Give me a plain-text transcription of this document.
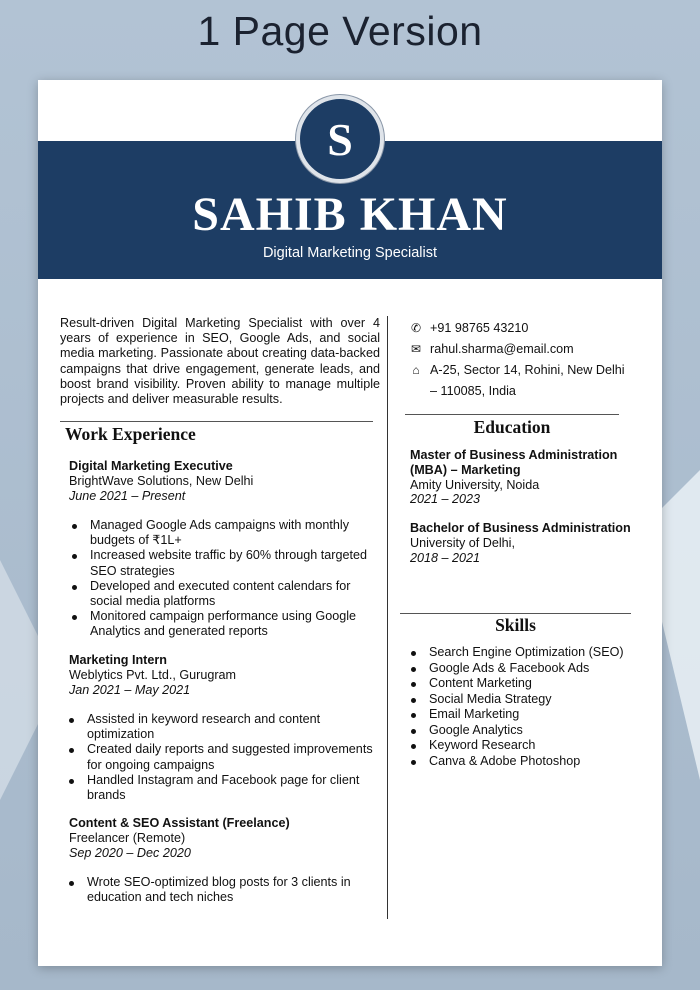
1 Page Version
S
SAHIB KHAN
Digital Marketing Specialist

Result-driven Digital Marketing Specialist with over 4 years of experience in SEO, Google Ads, and social media marketing. Passionate about creating data-backed campaigns that drive engagement, generate leads, and boost brand visibility. Proven ability to manage multiple projects and deliver measurable results.

Work Experience
Digital Marketing Executive
BrightWave Solutions, New Delhi
June 2021 – Present
Managed Google Ads campaigns with monthly budgets of ₹1L+
Increased website traffic by 60% through targeted SEO strategies
Developed and executed content calendars for social media platforms
Monitored campaign performance using Google Analytics and generated reports
Marketing Intern
Weblytics Pvt. Ltd., Gurugram
Jan 2021 – May 2021
Assisted in keyword research and content optimization
Created daily reports and suggested improvements for ongoing campaigns
Handled Instagram and Facebook page for client brands
Content & SEO Assistant (Freelance)
Freelancer (Remote)
Sep 2020 – Dec 2020
Wrote SEO-optimized blog posts for 3 clients in education and tech niches
✆ +91 98765 43210
✉ rahul.sharma@email.com
⌂ A-25, Sector 14, Rohini, New Delhi
– 110085, India
Education
Master of Business Administration (MBA) – Marketing
Amity University, Noida
2021 – 2023
Bachelor of Business Administration
University of Delhi,
2018 – 2021
Skills
Search Engine Optimization (SEO)
Google Ads & Facebook Ads
Content Marketing
Social Media Strategy
Email Marketing
Google Analytics
Keyword Research
Canva & Adobe Photoshop
